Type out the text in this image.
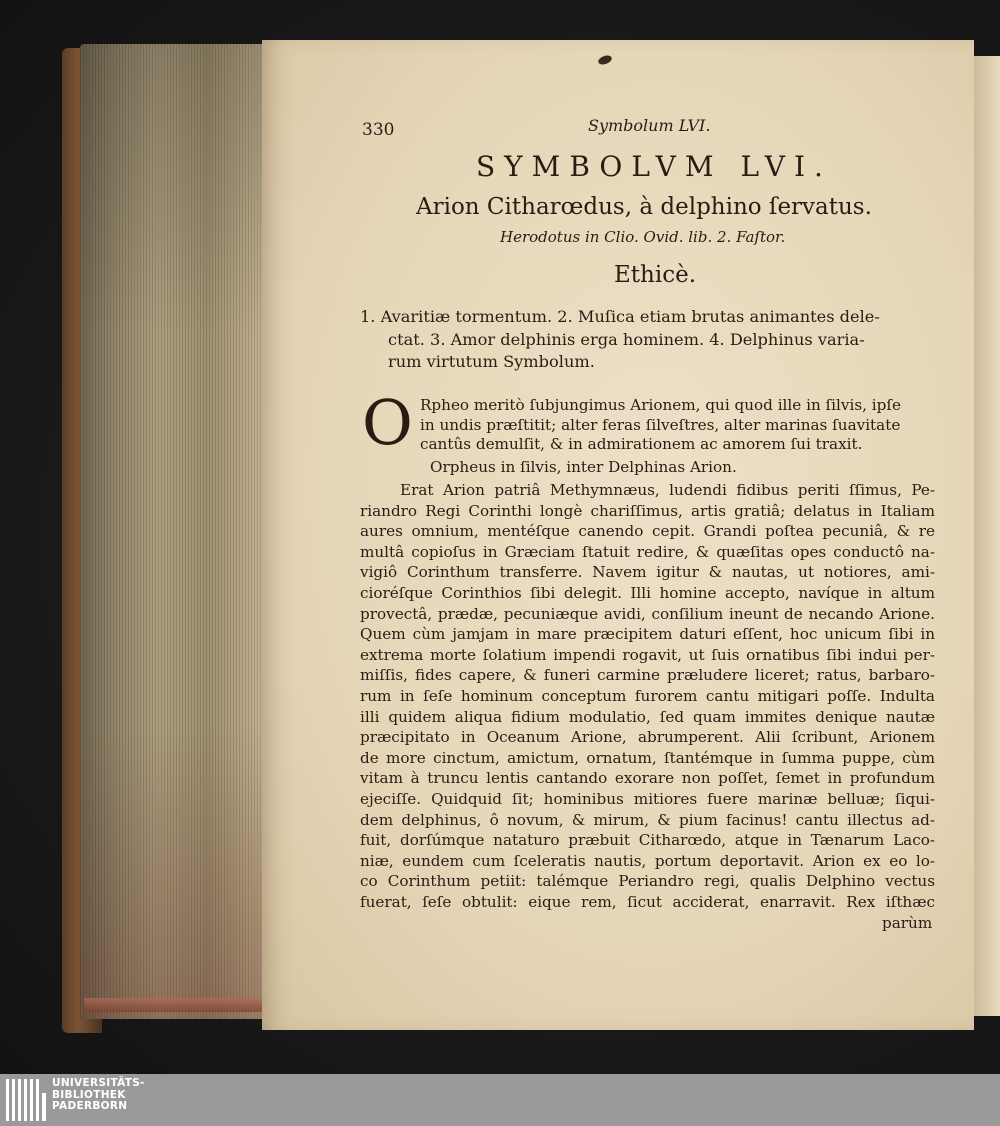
330	Symbolum LVI.
SYMBOLVM LVI.
Arion Citharœdus, à delphino ſervatus.
Herodotus in Clio. Ovid. lib. 2. Faſtor.
Ethicè.
1. Avaritiæ tormentum. 2. Muſica etiam brutas animantes dele-
ctat. 3. Amor delphinis erga hominem. 4. Delphinus varia-
rum virtutum Symbolum.
O Rpheo meritò ſubjungimus Arionem, qui quod ille in ſilvis, ipſe
in undis præſtitit; alter feras ſilveſtres, alter marinas ſuavitate
cantûs demulſit, & in admirationem ac amorem ſui traxit.
Orpheus in ſilvis, inter Delphinas Arion.
Erat Arion patriâ Methymnæus, ludendi fidibus periti ſſimus, Pe-
riandro Regi Corinthi longè chariſſimus, artis gratiâ; delatus in Italiam
aures omnium, mentéſque canendo cepit. Grandi poſtea pecuniâ, & re
multâ copioſus in Græciam ſtatuit redire, & quæſitas opes conductô na-
vigiô Corinthum transferre. Navem igitur & nautas, ut notiores, ami-
cioréſque Corinthios ſibi delegit. Illi homine accepto, navíque in altum
provectâ, prædæ, pecuniæque avidi, conſilium ineunt de necando Arione.
Quem cùm jamjam in mare præcipitem daturi eſſent, hoc unicum ſibi in
extrema morte ſolatium impendi rogavit, ut ſuis ornatibus ſibi indui per-
miſſis, fides capere, & funeri carmine præludere liceret; ratus, barbaro-
rum in ſeſe hominum conceptum furorem cantu mitigari poſſe. Indulta
illi quidem aliqua fidium modulatio, ſed quam immites denique nautæ
præcipitato in Oceanum Arione, abrumperent. Alii ſcribunt, Arionem
de more cinctum, amictum, ornatum, ſtantémque in ſumma puppe, cùm
vitam à truncu lentis cantando exorare non poſſet, ſemet in profundum
ejeciſſe. Quidquid ſit; hominibus mitiores fuere marinæ belluæ; ſiqui-
dem delphinus, ô novum, & mirum, & pium facinus! cantu illectus ad-
fuit, dorſúmque nataturo præbuit Citharœdo, atque in Tænarum Laco-
niæ, eundem cum ſceleratis nautis, portum deportavit. Arion ex eo lo-
co Corinthum petiit: talémque Periandro regi, qualis Delphino vectus
fuerat, ſeſe obtulit: eique rem, ſicut acciderat, enarravit. Rex iſthæc
parùm
UNIVERSITÄTS-
BIBLIOTHEK
PADERBORN
